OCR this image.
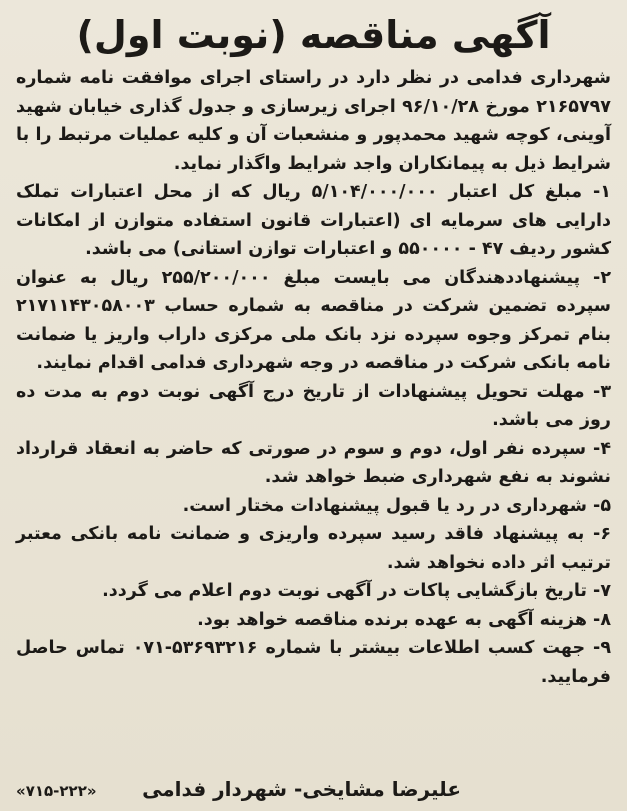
آگهی مناقصه (نوبت اول)

شهرداری فدامی در نظر دارد در راستای اجرای موافقت نامه شماره ۲۱۶۵۷۹۷ مورخ ۹۶/۱۰/۲۸ اجرای زیرسازی و جدول گذاری خیابان شهید آوینی، کوچه شهید محمدپور و منشعبات آن و کلیه عملیات مرتبط را با شرایط ذیل به پیمانکاران واجد شرایط واگذار نماید.

۱- مبلغ کل اعتبار ۵/۱۰۴/۰۰۰/۰۰۰ ریال که از محل اعتبارات تملک دارایی های سرمایه ای (اعتبارات قانون استفاده متوازن از امکانات کشور ردیف ۴۷ - ۵۵۰۰۰۰ و اعتبارات توازن استانی) می باشد.

۲- پیشنهاددهندگان می بایست مبلغ ۲۵۵/۲۰۰/۰۰۰ ریال به عنوان سپرده تضمین شرکت در مناقصه به شماره حساب ۲۱۷۱۱۴۳۰۵۸۰۰۳ بنام تمرکز وجوه سپرده نزد بانک ملی مرکزی داراب واریز یا ضمانت نامه بانکی شرکت در مناقصه در وجه شهرداری فدامی اقدام نمایند.

۳- مهلت تحویل پیشنهادات از تاریخ درج آگهی نوبت دوم به مدت ده روز می باشد.

۴- سپرده نفر اول، دوم و سوم در صورتی که حاضر به انعقاد قرارداد نشوند به نفع شهرداری ضبط خواهد شد.

۵- شهرداری در رد یا قبول پیشنهادات مختار است.

۶- به پیشنهاد فاقد رسید سپرده واریزی و ضمانت نامه بانکی معتبر ترتیب اثر داده نخواهد شد.

۷- تاریخ بازگشایی پاکات در آگهی نوبت دوم اعلام می گردد.

۸- هزینه آگهی به عهده برنده مناقصه خواهد بود.

۹- جهت کسب اطلاعات بیشتر با شماره ۵۳۶۹۳۲۱۶-۰۷۱ تماس حاصل فرمایید.

علیرضا مشایخی- شهردار فدامی
«۷۱۵-۲۲۲»
